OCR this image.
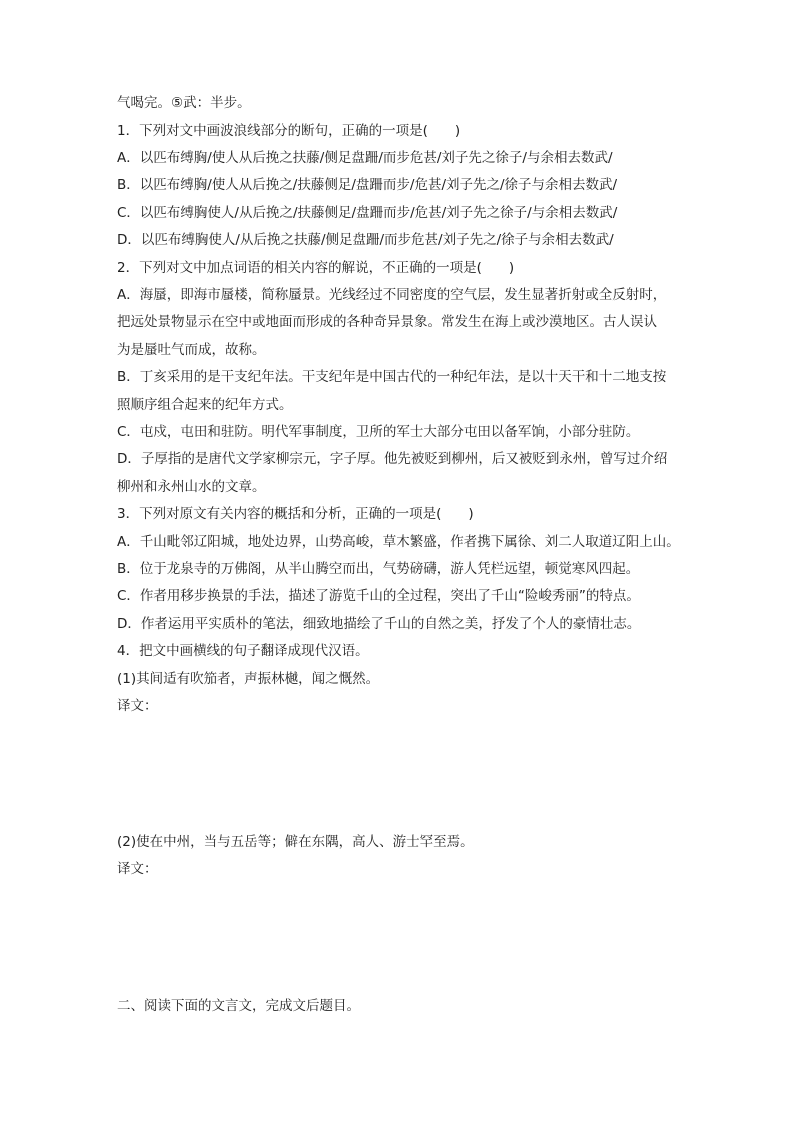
气喝完。⑤武：半步。
1．下列对文中画波浪线部分的断句，正确的一项是(　　)
A．以匹布缚胸/使人从后挽之扶藤/侧足盘跚/而步危甚/刘子先之徐子/与余相去数武/
B．以匹布缚胸/使人从后挽之/扶藤侧足/盘跚而步/危甚/刘子先之/徐子与余相去数武/
C．以匹布缚胸使人/从后挽之/扶藤侧足/盘跚而步/危甚/刘子先之徐子/与余相去数武/
D．以匹布缚胸使人/从后挽之扶藤/侧足盘跚/而步危甚/刘子先之/徐子与余相去数武/
2．下列对文中加点词语的相关内容的解说，不正确的一项是(　　)
A．海蜃，即海市蜃楼，简称蜃景。光线经过不同密度的空气层，发生显著折射或全反射时，
把远处景物显示在空中或地面而形成的各种奇异景象。常发生在海上或沙漠地区。古人误认
为是蜃吐气而成，故称。
B．丁亥采用的是干支纪年法。干支纪年是中国古代的一种纪年法，是以十天干和十二地支按
照顺序组合起来的纪年方式。
C．屯戍，屯田和驻防。明代军事制度，卫所的军士大部分屯田以备军饷，小部分驻防。
D．子厚指的是唐代文学家柳宗元，字子厚。他先被贬到柳州，后又被贬到永州，曾写过介绍
柳州和永州山水的文章。
3．下列对原文有关内容的概括和分析，正确的一项是(　　)
A．千山毗邻辽阳城，地处边界，山势高峻，草木繁盛，作者携下属徐、刘二人取道辽阳上山。
B．位于龙泉寺的万佛阁，从半山腾空而出，气势磅礴，游人凭栏远望，顿觉寒风四起。
C．作者用移步换景的手法，描述了游览千山的全过程，突出了千山“险峻秀丽”的特点。
D．作者运用平实质朴的笔法，细致地描绘了千山的自然之美，抒发了个人的豪情壮志。
4．把文中画横线的句子翻译成现代汉语。
(1)其间适有吹笳者，声振林樾，闻之慨然。
译文：
(2)使在中州，当与五岳等；僻在东隅，高人、游士罕至焉。
译文：
二、阅读下面的文言文，完成文后题目。
